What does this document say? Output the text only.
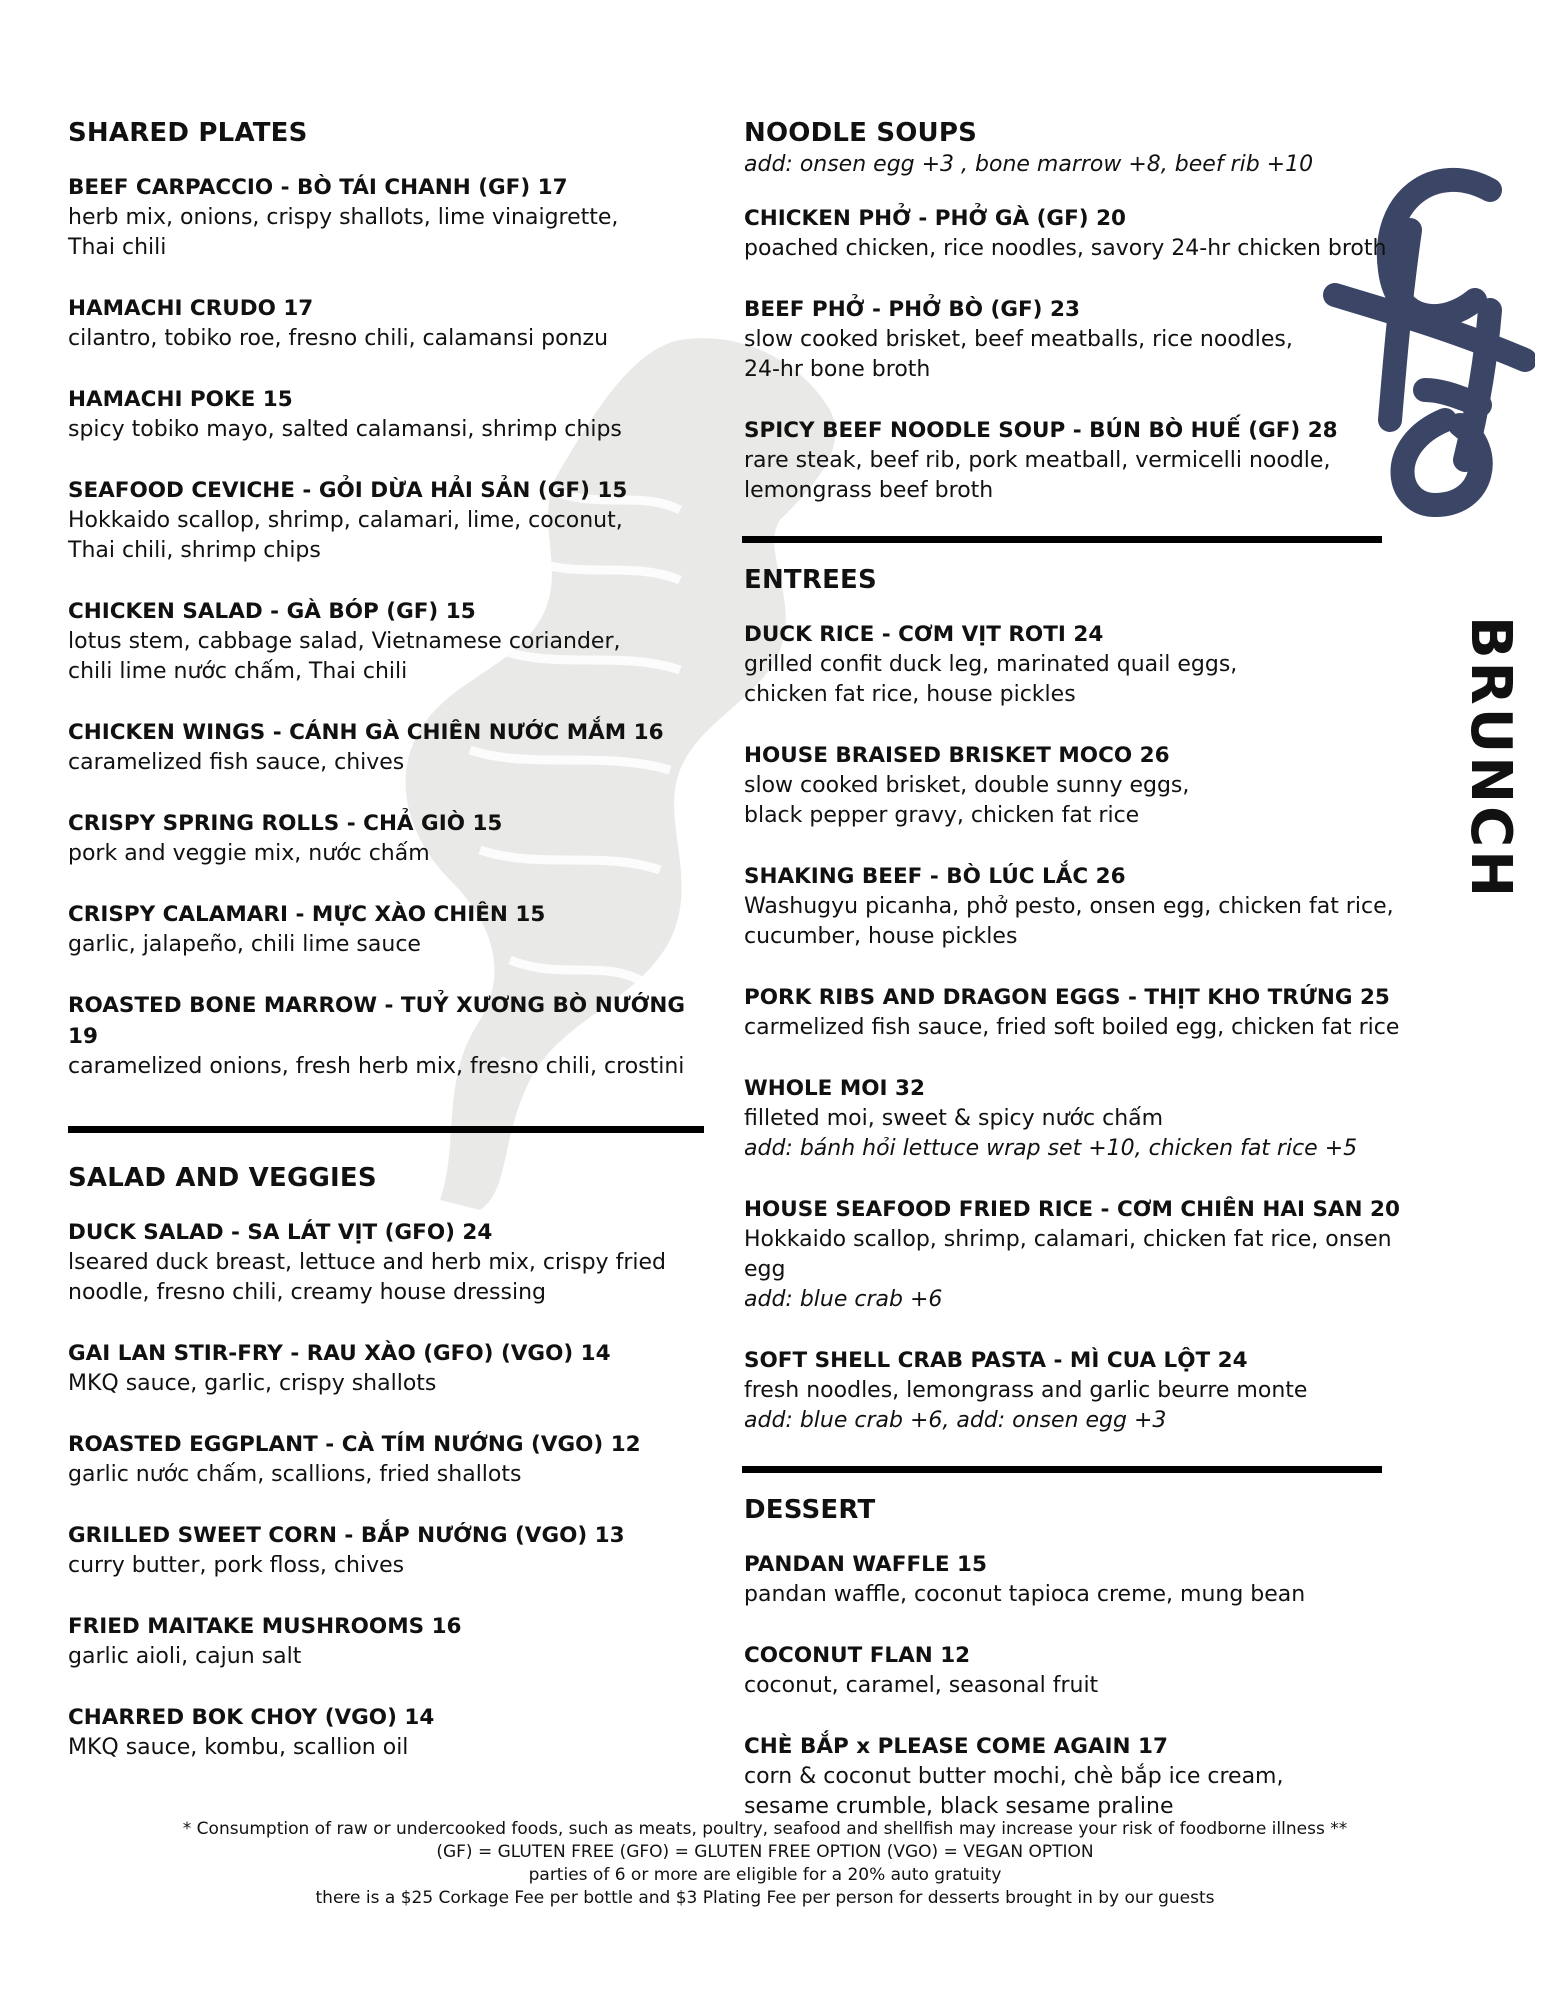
BRUNCH
SHARED PLATES
BEEF CARPACCIO - BÒ TÁI CHANH (GF) 17
herb mix, onions, crispy shallots, lime vinaigrette,
Thai chili
HAMACHI CRUDO 17
cilantro, tobiko roe, fresno chili, calamansi ponzu
HAMACHI POKE 15
spicy tobiko mayo, salted calamansi, shrimp chips
SEAFOOD CEVICHE - GỎI DỪA HẢI SẢN (GF) 15
Hokkaido scallop, shrimp, calamari, lime, coconut,
Thai chili, shrimp chips
CHICKEN SALAD - GÀ BÓP (GF) 15
lotus stem, cabbage salad, Vietnamese coriander,
chili lime nước chấm, Thai chili
CHICKEN WINGS - CÁNH GÀ CHIÊN NƯỚC MẮM 16
caramelized fish sauce, chives
CRISPY SPRING ROLLS - CHẢ GIÒ 15
pork and veggie mix, nước chấm
CRISPY CALAMARI - MỰC XÀO CHIÊN 15
garlic, jalapeño, chili lime sauce
ROASTED BONE MARROW - TUỶ XƯƠNG BÒ NƯỚNG 19
caramelized onions, fresh herb mix, fresno chili, crostini
SALAD AND VEGGIES
DUCK SALAD - SA LÁT VỊT (GFO) 24
lseared duck breast, lettuce and herb mix, crispy fried
noodle, fresno chili, creamy house dressing
GAI LAN STIR-FRY - RAU XÀO (GFO) (VGO) 14
MKQ sauce, garlic, crispy shallots
ROASTED EGGPLANT - CÀ TÍM NƯỚNG (VGO) 12
garlic nước chấm, scallions, fried shallots
GRILLED SWEET CORN - BẮP NƯỚNG (VGO) 13
curry butter, pork floss, chives
FRIED MAITAKE MUSHROOMS 16
garlic aioli, cajun salt
CHARRED BOK CHOY (VGO) 14
MKQ sauce, kombu, scallion oil
NOODLE SOUPS
add: onsen egg +3 , bone marrow +8, beef rib +10
CHICKEN PHỞ - PHỞ GÀ (GF) 20
poached chicken, rice noodles, savory 24-hr chicken broth
BEEF PHỞ - PHỞ BÒ (GF) 23
slow cooked brisket, beef meatballs, rice noodles,
24-hr bone broth
SPICY BEEF NOODLE SOUP - BÚN BÒ HUẾ (GF) 28
rare steak, beef rib, pork meatball, vermicelli noodle,
lemongrass beef broth
ENTREES
DUCK RICE - CƠM VỊT ROTI 24
grilled confit duck leg, marinated quail eggs,
chicken fat rice, house pickles
HOUSE BRAISED BRISKET MOCO 26
slow cooked brisket, double sunny eggs,
black pepper gravy, chicken fat rice
SHAKING BEEF - BÒ LÚC LẮC 26
Washugyu picanha, phở pesto, onsen egg, chicken fat rice,
cucumber, house pickles
PORK RIBS AND DRAGON EGGS - THỊT KHO TRỨNG 25
carmelized fish sauce, fried soft boiled egg, chicken fat rice
WHOLE MOI 32
filleted moi, sweet & spicy nước chấm
add: bánh hỏi lettuce wrap set +10, chicken fat rice +5
HOUSE SEAFOOD FRIED RICE - CƠM CHIÊN HAI SAN 20
Hokkaido scallop, shrimp, calamari, chicken fat rice, onsen egg
add: blue crab +6
SOFT SHELL CRAB PASTA - MÌ CUA LỘT 24
fresh noodles, lemongrass and garlic beurre monte
add: blue crab +6, add: onsen egg +3
DESSERT
PANDAN WAFFLE 15
pandan waffle, coconut tapioca creme, mung bean
COCONUT FLAN 12
coconut, caramel, seasonal fruit
CHÈ BẮP x PLEASE COME AGAIN 17
corn & coconut butter mochi, chè bắp ice cream,
sesame crumble, black sesame praline
* Consumption of raw or undercooked foods, such as meats, poultry, seafood and shellfish may increase your risk of foodborne illness **
(GF) = GLUTEN FREE (GFO) = GLUTEN FREE OPTION (VGO) = VEGAN OPTION
parties of 6 or more are eligible for a 20% auto gratuity
there is a $25 Corkage Fee per bottle and $3 Plating Fee per person for desserts brought in by our guests
